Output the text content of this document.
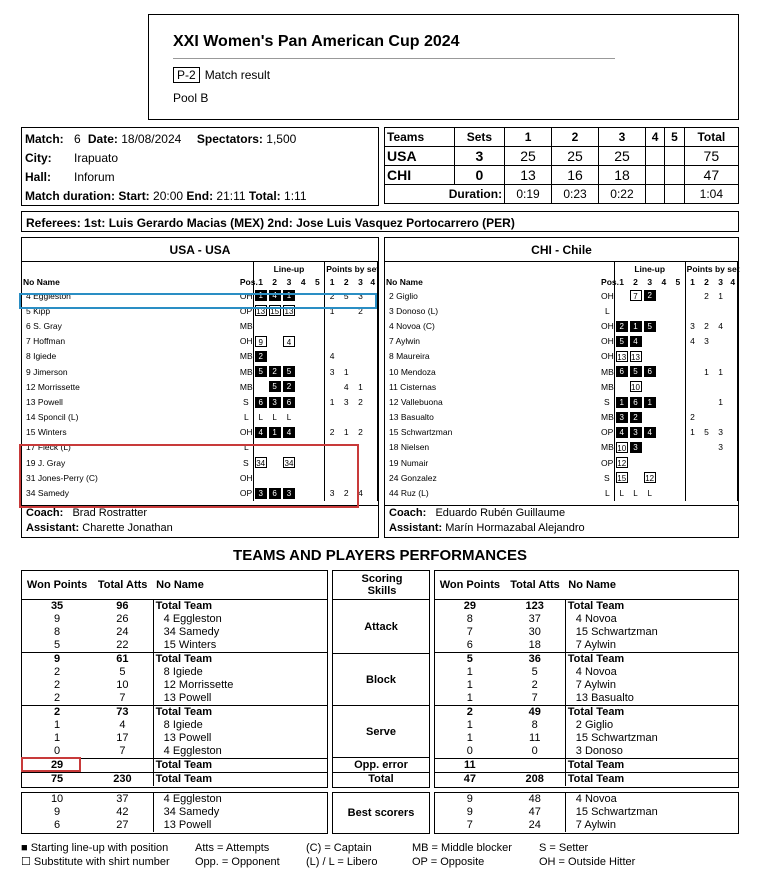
XXI Women's Pan American Cup 2024
P-2 Match result
Pool B
Match:	6	Date: 18/08/2024	Spectators: 1,500
City:	Irapuato		
Hall:	Inforum		
Match duration: Start: 20:00 End: 21:11 Total: 1:11			
Teams	Sets	1	2	3	4	5	Total
USA	3	25	25	25			75
CHI	0	13	16	18			47
Duration:		0:19	0:23	0:22			1:04
Referees: 1st: Luis Gerardo Macias (MEX) 2nd: Jose Luis Vasquez Portocarrero (PER)
USA - USA
		Line-up					Points by set				
No Name	Pos.	1	2	3	4	5	1	2	3	4		
4 Eggleston	OH	1	4	1			2	5	3			
5 Kipp	OP	13	15	13			1		2			
6 S. Gray	MB											
7 Hoffman	OH	9		4								
8 Igiede	MB	2					4					
9 Jimerson	MB	5	2	5			3	1				
12 Morrissette	MB		5	2				4	1			
13 Powell	S	6	3	6			1	3	2			
14 Sponcil (L)	L	L	L	L								
15 Winters	OH	4	1	4			2	1	2			
17 Fleck (L)	L											
19 J. Gray	S	34		34								
31 Jones-Perry (C)	OH											
34 Samedy	OP	3	6	3			3	2	4			
Coach: Brad Rostratter
Assistant: Charette Jonathan
CHI - Chile
		Line-up					Points by set				
No Name	Pos.	1	2	3	4	5	1	2	3	4		
2 Giglio	OH		7	2				2	1			
3 Donoso (L)	L											
4 Novoa (C)	OH	2	1	5			3	2	4			
7 Aylwin	OH	5	4				4	3				
8 Maureira	OH	13	13									
10 Mendoza	MB	6	5	6				1	1			
11 Cisternas	MB		10									
12 Vallebuona	S	1	6	1					1			
13 Basualto	MB	3	2				2					
15 Schwartzman	OP	4	3	4			1	5	3			
18 Nielsen	MB	10	3						3			
19 Numair	OP	12										
24 Gonzalez	S	15		12								
44 Ruz (L)	L	L	L	L								
Coach: Eduardo Rubén Guillaume
Assistant: Marín Hormazabal Alejandro
TEAMS AND PLAYERS PERFORMANCES
Won Points	Total Atts	No Name
35	96	Total Team
9	26	4 Eggleston
8	24	34 Samedy
5	22	15 Winters
9	61	Total Team
2	5	8 Igiede
2	10	12 Morrissette
2	7	13 Powell
2	73	Total Team
1	4	8 Igiede
1	17	13 Powell
0	7	4 Eggleston
29		Total Team
75	230	Total Team
Scoring Skills
Attack
Block
Serve
Opp. error
Total
Won Points	Total Atts	No Name
29	123	Total Team
8	37	4 Novoa
7	30	15 Schwartzman
6	18	7 Aylwin
5	36	Total Team
1	5	4 Novoa
1	2	7 Aylwin
1	7	13 Basualto
2	49	Total Team
1	8	2 Giglio
1	11	15 Schwartzman
0	0	3 Donoso
11		Total Team
47	208	Total Team
10	37	4 Eggleston
9	42	34 Samedy
6	27	13 Powell
Best scorers
9	48	4 Novoa
9	47	15 Schwartzman
7	24	7 Aylwin
■ Starting line-up with position
☐ Substitute with shirt number
Atts = Attempts
Opp. = Opponent
(C) = Captain
(L) / L = Libero
MB = Middle blocker
OP = Opposite
S = Setter
OH = Outside Hitter
